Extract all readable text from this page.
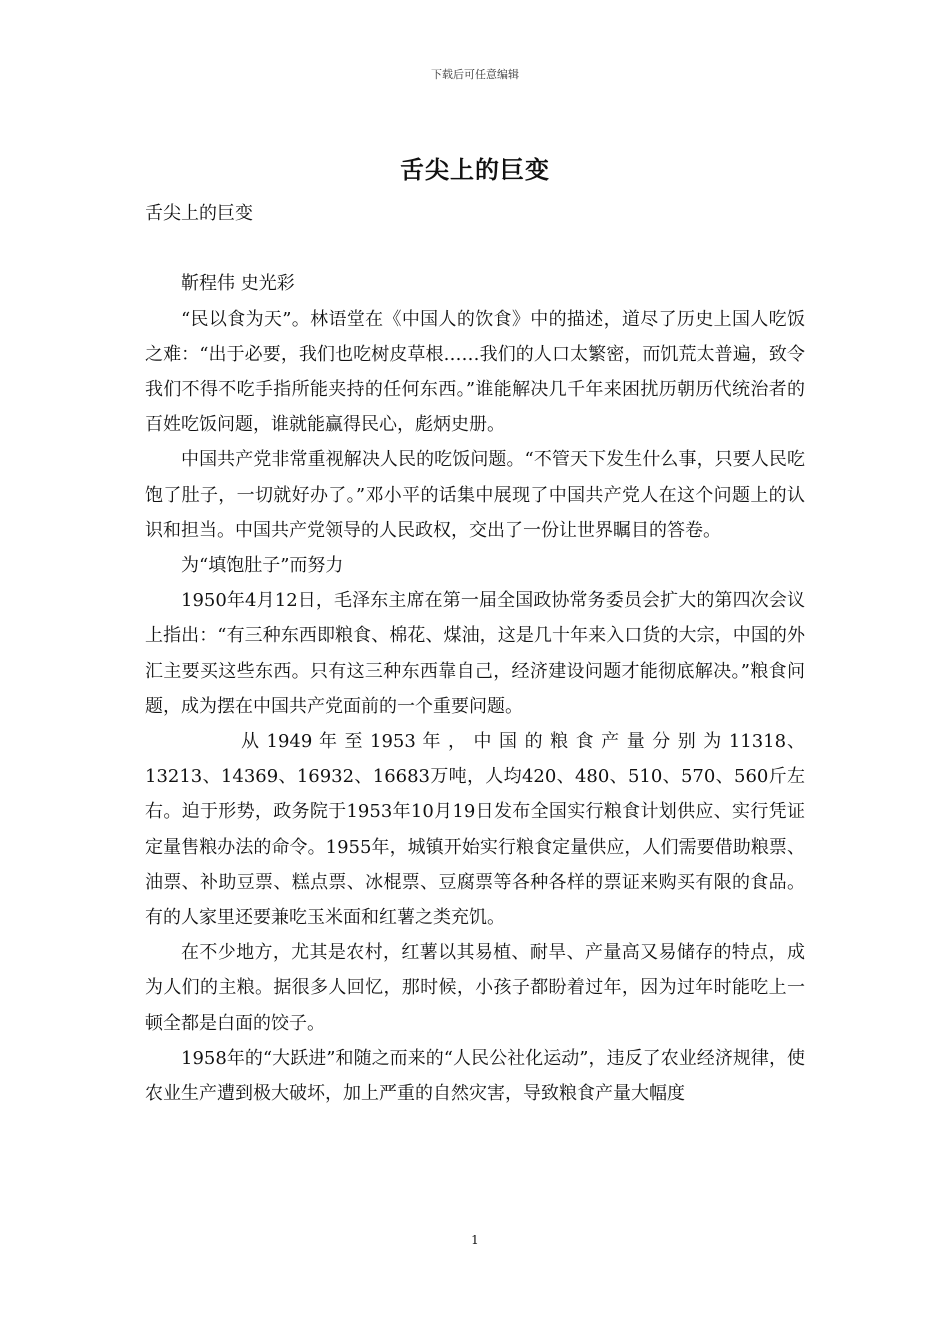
下载后可任意编辑
舌尖上的巨变

舌尖上的巨变

靳程伟 史光彩

“民以食为天”。林语堂在《中国人的饮食》中的描述，道尽了历史上国人吃饭之难：“出于必要，我们也吃树皮草根……我们的人口太繁密，而饥荒太普遍，致令我们不得不吃手指所能夹持的任何东西。”谁能解决几千年来困扰历朝历代统治者的百姓吃饭问题，谁就能赢得民心，彪炳史册。

中国共产党非常重视解决人民的吃饭问题。“不管天下发生什么事，只要人民吃饱了肚子，一切就好办了。”邓小平的话集中展现了中国共产党人在这个问题上的认识和担当。中国共产党领导的人民政权，交出了一份让世界瞩目的答卷。

为“填饱肚子”而努力

1950年4月12日，毛泽东主席在第一届全国政协常务委员会扩大的第四次会议上指出：“有三种东西即粮食、棉花、煤油，这是几十年来入口货的大宗，中国的外汇主要买这些东西。只有这三种东西靠自己，经济建设问题才能彻底解决。”粮食问题，成为摆在中国共产党面前的一个重要问题。

从 1949 年 至 1953 年 ， 中 国 的 粮 食 产 量 分 别 为 11318、13213、14369、16932、16683万吨，人均420、480、510、570、560斤左右。迫于形势，政务院于1953年10月19日发布全国实行粮食计划供应、实行凭证定量售粮办法的命令。1955年，城镇开始实行粮食定量供应，人们需要借助粮票、油票、补助豆票、糕点票、冰棍票、豆腐票等各种各样的票证来购买有限的食品。有的人家里还要兼吃玉米面和红薯之类充饥。

在不少地方，尤其是农村，红薯以其易植、耐旱、产量高又易储存的特点，成为人们的主粮。据很多人回忆，那时候，小孩子都盼着过年，因为过年时能吃上一顿全都是白面的饺子。

1958年的“大跃进”和随之而来的“人民公社化运动”，违反了农业经济规律，使农业生产遭到极大破坏，加上严重的自然灾害，导致粮食产量大幅度

1
